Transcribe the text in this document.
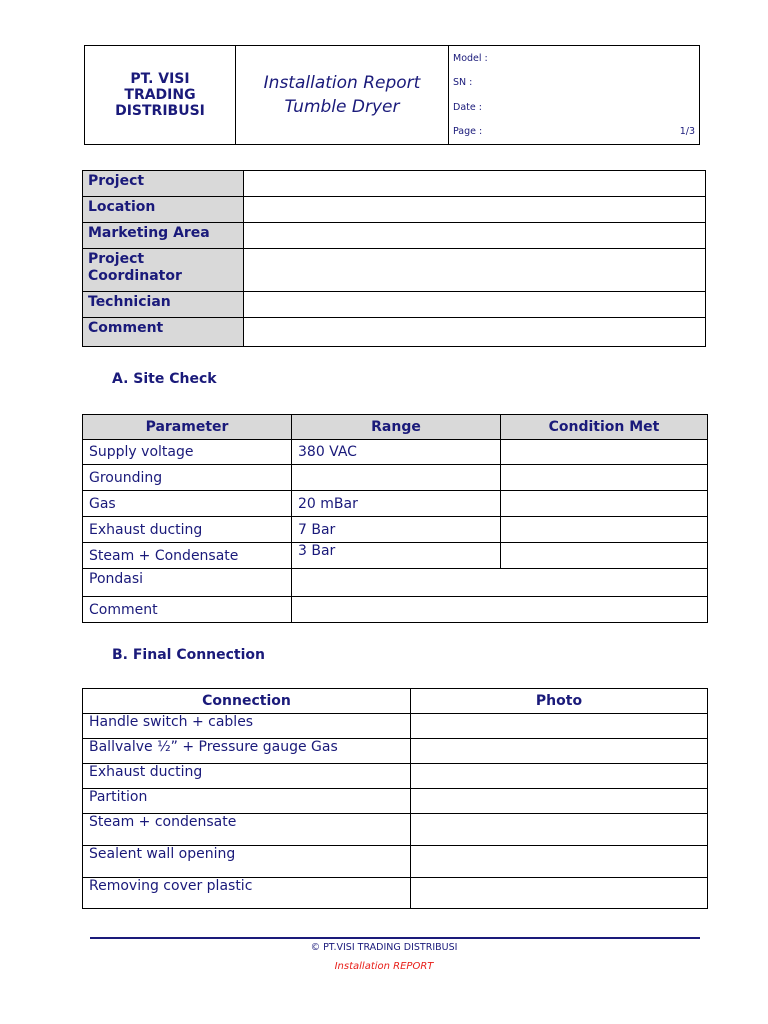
PT. VISI TRADING DISTRIBUSI	
Installation Report
Tumble Dryer

Model :
SN :
Date :
Page :	1/3

Project	
Location	
Marketing Area	
Project Coordinator	
Technician	
Comment	
A. Site Check
Parameter	Range	Condition Met
Supply voltage	380 VAC	
Grounding		
Gas	20 mBar	
Exhaust ducting	7 Bar	
Steam + Condensate	3 Bar	
Pondasi		
Comment		
B. Final Connection
Connection	Photo
Handle switch + cables	
Ballvalve ½” + Pressure gauge Gas	
Exhaust ducting	
Partition	
Steam + condensate	
Sealent wall opening	
Removing cover plastic	
© PT.VISI TRADING DISTRIBUSI
Installation REPORT
